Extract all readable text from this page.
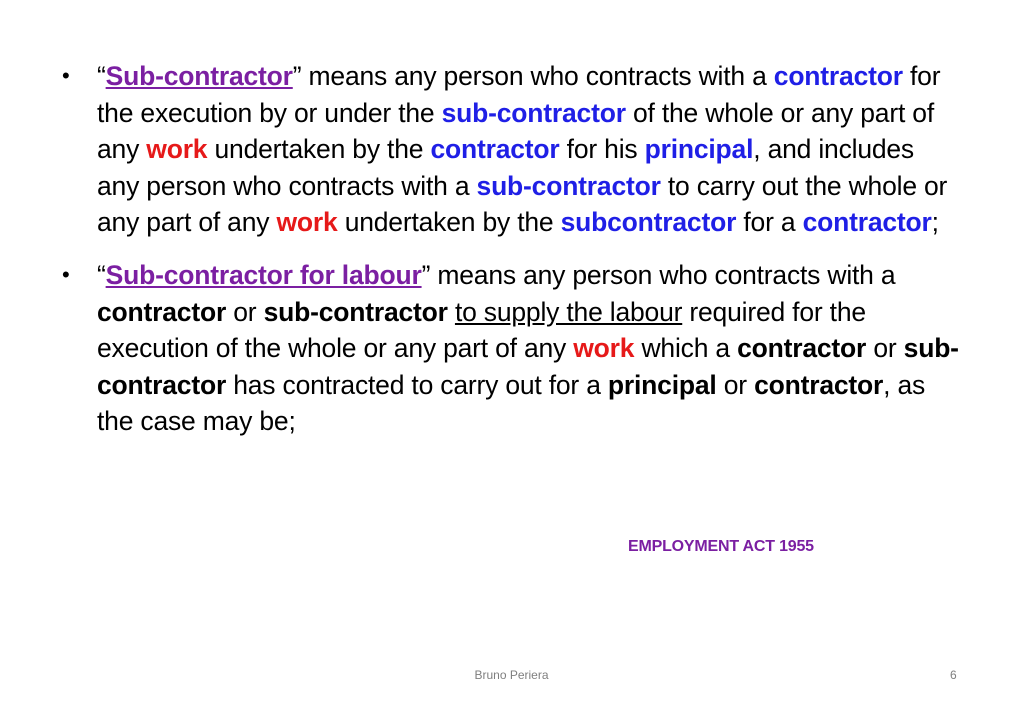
• “Sub-contractor” means any person who contracts with a contractor for the execution by or under the sub-contractor of the whole or any part of any work undertaken by the contractor for his principal, and includes any person who contracts with a sub-contractor to carry out the whole or any part of any work undertaken by the subcontractor for a contractor;
• “Sub-contractor for labour” means any person who contracts with a contractor or sub-contractor to supply the labour required for the execution of the whole or any part of any work which a contractor or sub-contractor has contracted to carry out for a principal or contractor, as the case may be;
EMPLOYMENT ACT 1955
Bruno Periera	6
